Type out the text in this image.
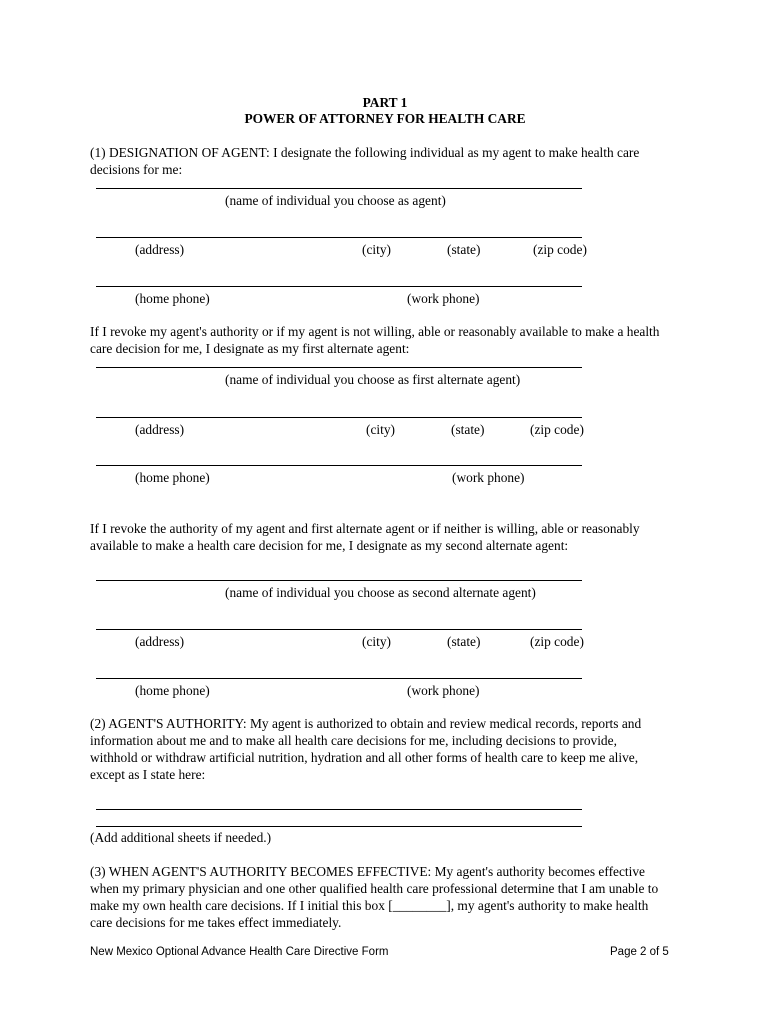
PART 1
POWER OF ATTORNEY FOR HEALTH CARE
(1) DESIGNATION OF AGENT: I designate the following individual as my agent to make health care
decisions for me:
(name of individual you choose as agent)
(address)	(city)	(state)	(zip code)
(home phone)	(work phone)
If I revoke my agent's authority or if my agent is not willing, able or reasonably available to make a health
care decision for me, I designate as my first alternate agent:
(name of individual you choose as first alternate agent)
(address)	(city)	(state)	(zip code)
(home phone)	(work phone)
If I revoke the authority of my agent and first alternate agent or if neither is willing, able or reasonably
available to make a health care decision for me, I designate as my second alternate agent:
(name of individual you choose as second alternate agent)
(address)	(city)	(state)	(zip code)
(home phone)	(work phone)
(2) AGENT'S AUTHORITY: My agent is authorized to obtain and review medical records, reports and
information about me and to make all health care decisions for me, including decisions to provide,
withhold or withdraw artificial nutrition, hydration and all other forms of health care to keep me alive,
except as I state here:
(Add additional sheets if needed.)
(3) WHEN AGENT'S AUTHORITY BECOMES EFFECTIVE: My agent's authority becomes effective
when my primary physician and one other qualified health care professional determine that I am unable to
make my own health care decisions. If I initial this box [________], my agent's authority to make health
care decisions for me takes effect immediately.
New Mexico Optional Advance Health Care Directive Form	Page 2 of 5
